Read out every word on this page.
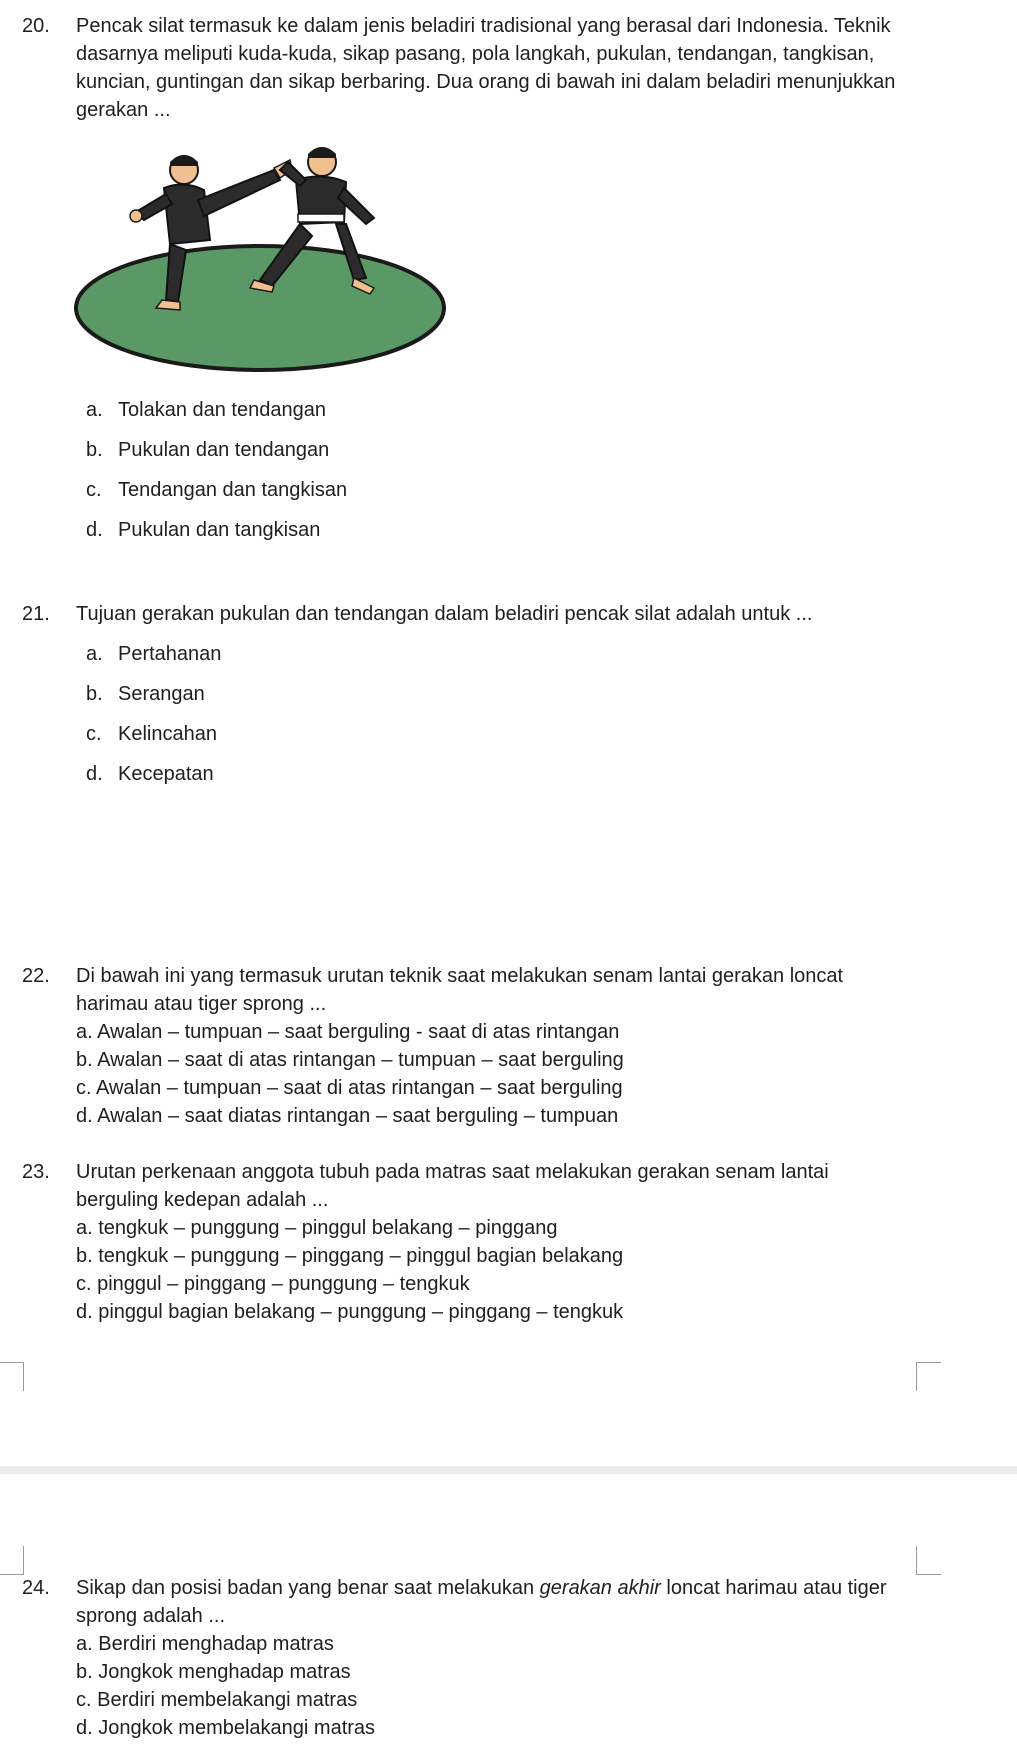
20. Pencak silat termasuk ke dalam jenis beladiri tradisional yang berasal dari Indonesia. Teknik dasarnya meliputi kuda-kuda, sikap pasang, pola langkah, pukulan, tendangan, tangkisan, kuncian, guntingan dan sikap berbaring. Dua orang di bawah ini dalam beladiri menunjukkan gerakan ...
a. Tolakan dan tendangan
b. Pukulan dan tendangan
c. Tendangan dan tangkisan
d. Pukulan dan tangkisan
21. Tujuan gerakan pukulan dan tendangan dalam beladiri pencak silat adalah untuk ...
a. Pertahanan
b. Serangan
c. Kelincahan
d. Kecepatan
22. Di bawah ini yang termasuk urutan teknik saat melakukan senam lantai gerakan loncat harimau atau tiger sprong ...
a. Awalan – tumpuan – saat berguling - saat di atas rintangan
b. Awalan – saat di atas rintangan – tumpuan – saat berguling
c. Awalan – tumpuan – saat di atas rintangan – saat berguling
d. Awalan – saat diatas rintangan – saat berguling – tumpuan
23. Urutan perkenaan anggota tubuh pada matras saat melakukan gerakan senam lantai berguling kedepan adalah ...
a. tengkuk – punggung – pinggul belakang – pinggang
b. tengkuk – punggung – pinggang – pinggul bagian belakang
c. pinggul – pinggang – punggung – tengkuk
d. pinggul bagian belakang – punggung – pinggang – tengkuk
24. Sikap dan posisi badan yang benar saat melakukan gerakan akhir loncat harimau atau tiger sprong adalah ...
a. Berdiri menghadap matras
b. Jongkok menghadap matras
c. Berdiri membelakangi matras
d. Jongkok membelakangi matras
